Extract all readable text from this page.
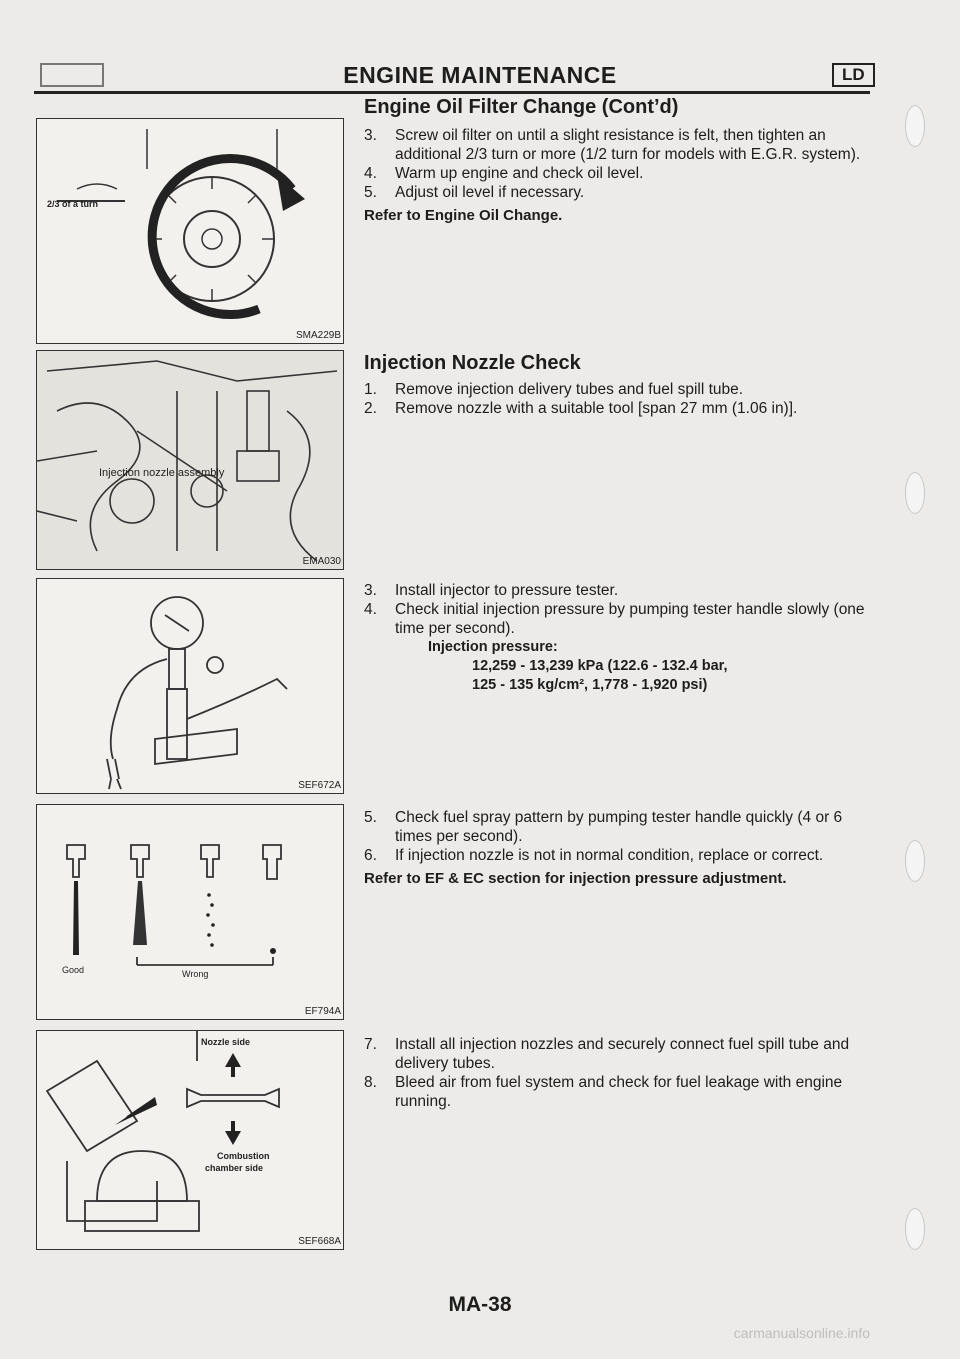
ENGINE MAINTENANCE	LD
2/3 of a turn
SMA229B
Injection nozzle assembly
EMA030
SEF672A
Good	Wrong
EF794A
Nozzle side
Combustion
chamber side
SEF668A
Engine Oil Filter Change (Cont’d)
3.	Screw oil filter on until a slight resistance is felt, then tighten an additional 2/3 turn or more (1/2 turn for models with E.G.R. system).
4.	Warm up engine and check oil level.
5.	Adjust oil level if necessary.
Refer to Engine Oil Change.
Injection Nozzle Check
1.	Remove injection delivery tubes and fuel spill tube.
2.	Remove nozzle with a suitable tool [span 27 mm (1.06 in)].
3.	Install injector to pressure tester.
4.	Check initial injection pressure by pumping tester handle slowly (one time per second).
Injection pressure:
12,259 - 13,239 kPa (122.6 - 132.4 bar,
125 - 135 kg/cm², 1,778 - 1,920 psi)
5.	Check fuel spray pattern by pumping tester handle quickly (4 or 6 times per second).
6.	If injection nozzle is not in normal condition, replace or correct.
Refer to EF & EC section for injection pressure adjustment.
7.	Install all injection nozzles and securely connect fuel spill tube and delivery tubes.
8.	Bleed air from fuel system and check for fuel leakage with engine running.
MA-38
carmanualsonline.info
